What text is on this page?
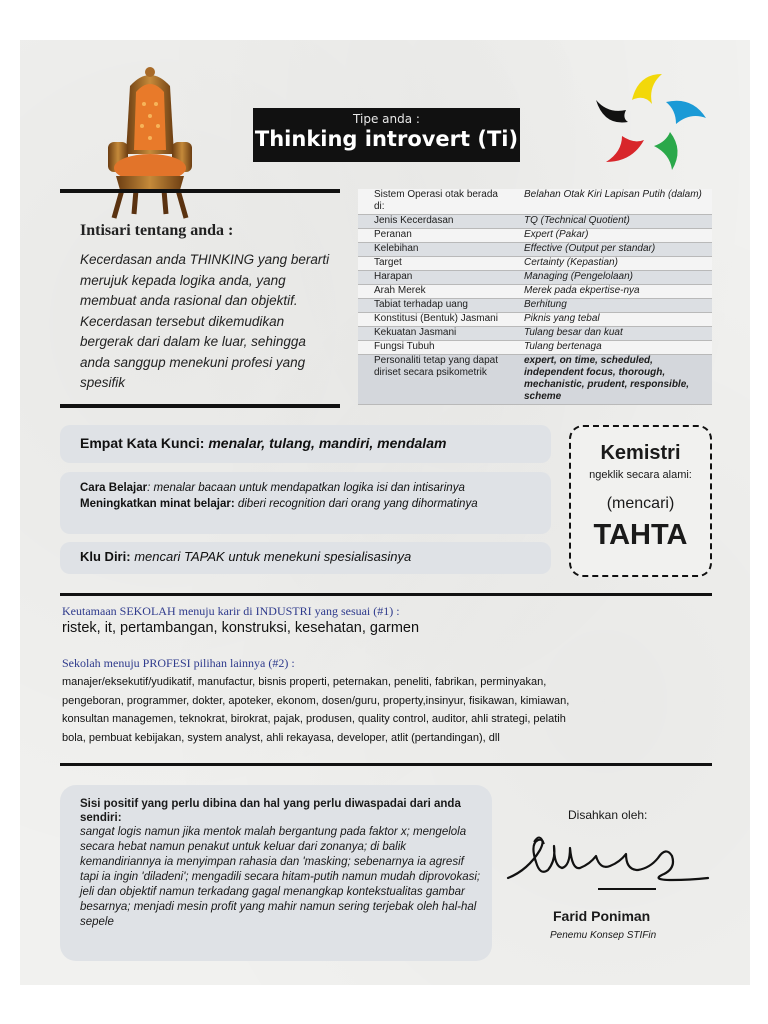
Tipe anda :
Thinking introvert (Ti)
Intisari tentang anda :
Kecerdasan anda THINKING yang berarti merujuk kepada logika anda, yang membuat anda rasional dan objektif. Kecerdasan tersebut dikemudikan bergerak dari dalam ke luar, sehingga anda sanggup menekuni profesi yang spesifik
Sistem Operasi otak berada di:	Belahan Otak Kiri Lapisan Putih (dalam)
Jenis Kecerdasan	TQ (Technical Quotient)
Peranan	Expert (Pakar)
Kelebihan	Effective (Output per standar)
Target	Certainty (Kepastian)
Harapan	Managing (Pengelolaan)
Arah Merek	Merek pada ekpertise-nya
Tabiat terhadap uang	Berhitung
Konstitusi (Bentuk) Jasmani	Piknis yang tebal
Kekuatan Jasmani	Tulang besar dan kuat
Fungsi Tubuh	Tulang bertenaga
Personaliti tetap yang dapat diriset secara psikometrik	expert, on time, scheduled, independent focus, thorough, mechanistic, prudent, responsible, scheme
Empat Kata Kunci: menalar, tulang, mandiri, mendalam
Cara Belajar: menalar bacaan untuk mendapatkan logika isi dan intisarinya
Meningkatkan minat belajar: diberi recognition dari orang yang dihormatinya
Klu Diri: mencari TAPAK untuk menekuni spesialisasinya
Kemistri
ngeklik secara alami:
(mencari)
TAHTA
Keutamaan SEKOLAH menuju karir di INDUSTRI yang sesuai (#1) :
ristek, it, pertambangan, konstruksi, kesehatan, garmen
Sekolah menuju PROFESI pilihan lainnya (#2) :
manajer/eksekutif/yudikatif, manufactur, bisnis properti, peternakan, peneliti, fabrikan, perminyakan, pengeboran, programmer, dokter, apoteker, ekonom, dosen/guru, property,insinyur, fisikawan, kimiawan, konsultan managemen, teknokrat, birokrat, pajak, produsen, quality control, auditor, ahli strategi, pelatih bola, pembuat kebijakan, system analyst, ahli rekayasa, developer, atlit (pertandingan), dll
Sisi positif yang perlu dibina dan hal yang perlu diwaspadai dari anda sendiri:
sangat logis namun jika mentok malah bergantung pada faktor x; mengelola secara hebat namun penakut untuk keluar dari zonanya; di balik kemandiriannya ia menyimpan rahasia dan 'masking; sebenarnya ia agresif tapi ia ingin 'diladeni'; mengadili secara hitam-putih namun mudah diprovokasi; jeli dan objektif namun terkadang gagal menangkap kontekstualitas gambar besarnya; menjadi mesin profit yang mahir namun sering terjebak oleh hal-hal sepele
Disahkan oleh:
Farid Poniman
Penemu Konsep STIFin
